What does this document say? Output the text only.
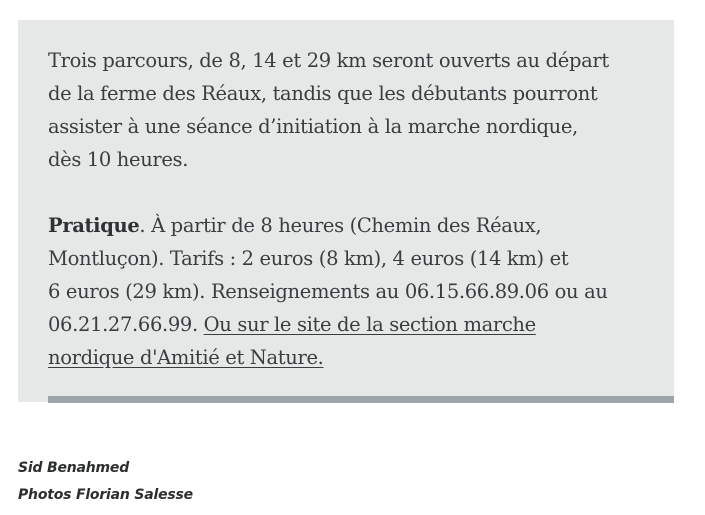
Trois parcours, de 8, 14 et 29 km seront ouverts au départ
de la ferme des Réaux, tandis que les débutants pourront
assister à une séance d’initiation à la marche nordique,
dès 10 heures.

Pratique. À partir de 8 heures (Chemin des Réaux,
Montluçon). Tarifs : 2 euros (8 km), 4 euros (14 km) et
6 euros (29 km). Renseignements au 06.15.66.89.06 ou au
06.21.27.66.99. Ou sur le site de la section marche
nordique d'Amitié et Nature.

Sid Benahmed
Photos Florian Salesse
